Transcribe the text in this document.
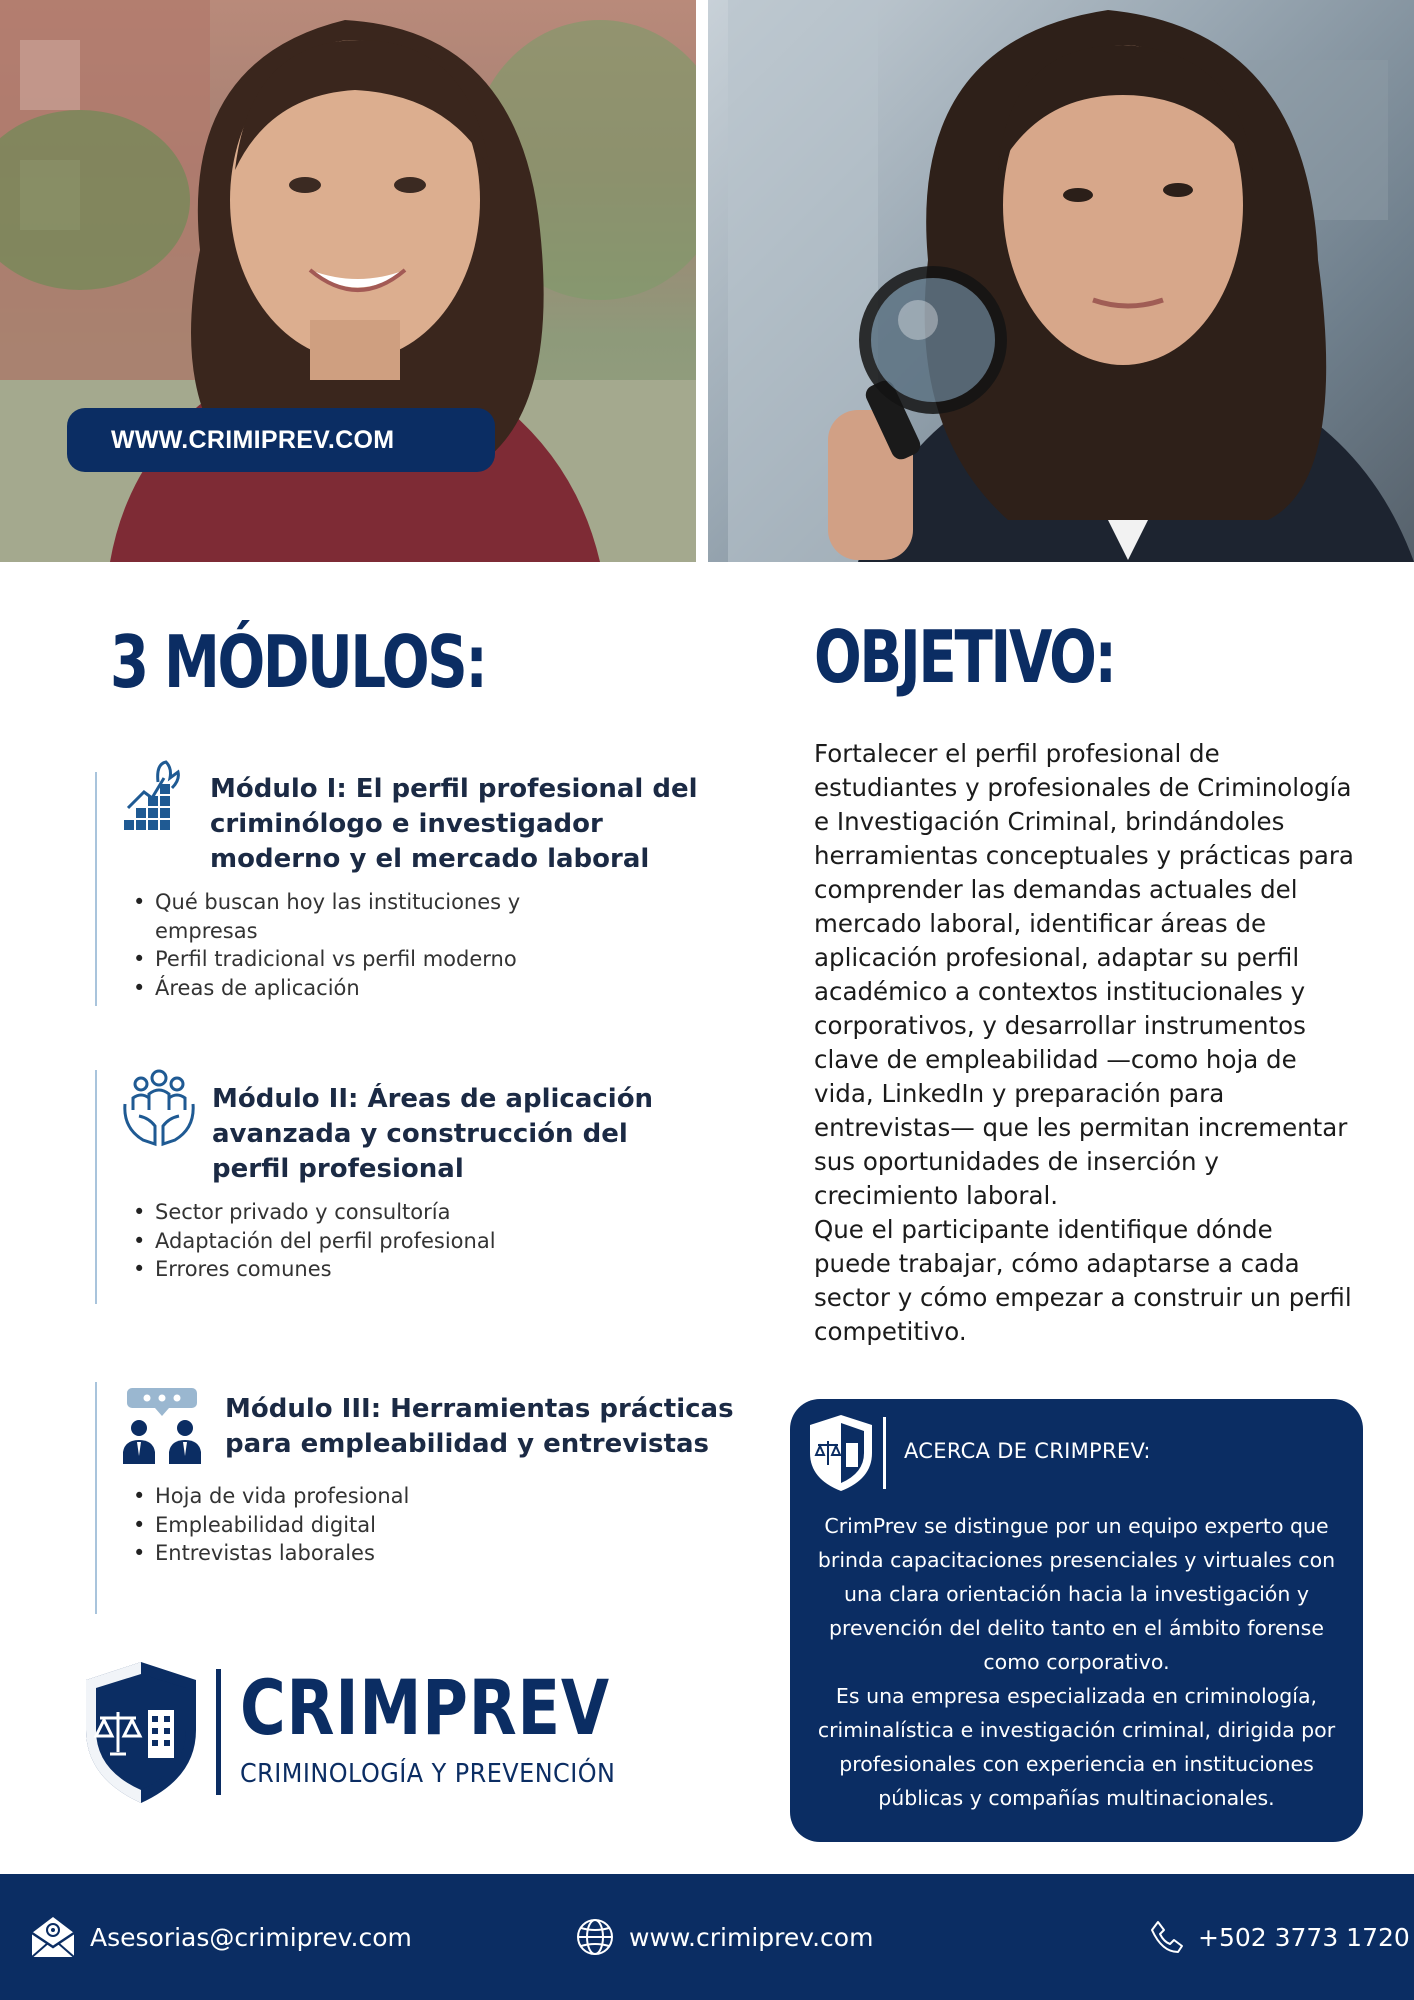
WWW.CRIMIPREV.COM
3 MÓDULOS:	OBJETIVO:
Módulo I: El perfil profesional del criminólogo e investigador moderno y el mercado laboral
• Qué buscan hoy las instituciones y empresas
• Perfil tradicional vs perfil moderno
• Áreas de aplicación
Módulo II: Áreas de aplicación avanzada y construcción del perfil profesional
• Sector privado y consultoría
• Adaptación del perfil profesional
• Errores comunes
Módulo III: Herramientas prácticas para empleabilidad y entrevistas
• Hoja de vida profesional
• Empleabilidad digital
• Entrevistas laborales

Fortalecer el perfil profesional de estudiantes y profesionales de Criminología e Investigación Criminal, brindándoles herramientas conceptuales y prácticas para comprender las demandas actuales del mercado laboral, identificar áreas de aplicación profesional, adaptar su perfil académico a contextos institucionales y corporativos, y desarrollar instrumentos clave de empleabilidad —como hoja de vida, LinkedIn y preparación para entrevistas— que les permitan incrementar sus oportunidades de inserción y crecimiento laboral.

Que el participante identifique dónde puede trabajar, cómo adaptarse a cada sector y cómo empezar a construir un perfil competitivo.

CRIMPREV
CRIMINOLOGÍA Y PREVENCIÓN
ACERCA DE CRIMPREV:

CrimPrev se distingue por un equipo experto que brinda capacitaciones presenciales y virtuales con una clara orientación hacia la investigación y prevención del delito tanto en el ámbito forense como corporativo.

Es una empresa especializada en criminología, criminalística e investigación criminal, dirigida por profesionales con experiencia en instituciones públicas y compañías multinacionales.

Asesorias@crimiprev.com	www.crimiprev.com	+502 3773 1720
